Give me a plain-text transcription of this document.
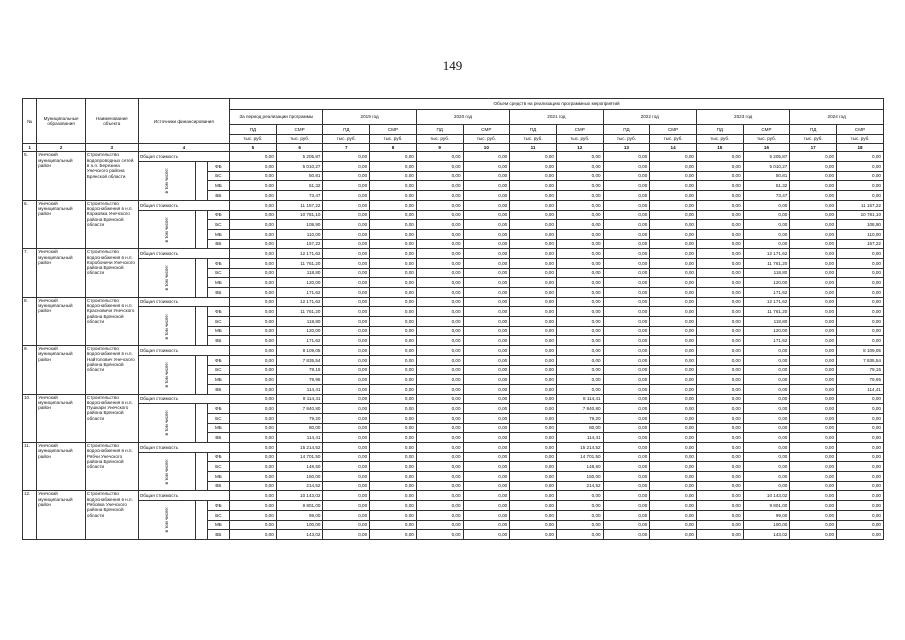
149
№	Муниципальные образования	Наименование объекта	Источники финансирования			Объем средств на реализацию программных мероприятий													
						За период реализации программы		2019 год		2020 год		2021 год		2022 год		2023 год		2024 год	
						ПД	СМР	ПД	СМР	ПД	СМР	ПД	СМР	ПД	СМР	ПД	СМР	ПД	СМР
						тыс. руб.	тыс. руб.	тыс. руб.	тыс. руб.	тыс. руб.	тыс. руб.	тыс. руб.	тыс. руб.	тыс. руб.	тыс. руб.	тыс. руб.	тыс. руб.	тыс. руб.	тыс. руб.
1	2	3	4			5	6	7	8	9	10	11	12	13	14	15	16	17	18
5.	Унечский муниципальный район	Строительство водопроводных сетей в н.п. Березина Унечского района Брянской области	Общая стоимость			0,00	5 205,87	0,00	0,00	0,00	0,00	0,00	0,00	0,00	0,00	0,00	5 205,87	0,00	0,00
			в том числе:		ФБ	0,00	5 010,27	0,00	0,00	0,00	0,00	0,00	0,00	0,00	0,00	0,00	5 010,27	0,00	0,00
					БС	0,00	50,81	0,00	0,00	0,00	0,00	0,00	0,00	0,00	0,00	0,00	50,81	0,00	0,00
					МБ	0,00	51,32	0,00	0,00	0,00	0,00	0,00	0,00	0,00	0,00	0,00	51,32	0,00	0,00
					ВБ	0,00	73,47	0,00	0,00	0,00	0,00	0,00	0,00	0,00	0,00	0,00	73,47	0,00	0,00
6.	Унечский муниципальный район	Строительство водоснабжения в н.п. Коржовка Унечского района Брянской области	Общая стоимость			0,00	11 157,22	0,00	0,00	0,00	0,00	0,00	0,00	0,00	0,00	0,00	0,00	0,00	11 157,22
			в том числе:		ФБ	0,00	10 781,10	0,00	0,00	0,00	0,00	0,00	0,00	0,00	0,00	0,00	0,00	0,00	10 781,10
					БС	0,00	108,90	0,00	0,00	0,00	0,00	0,00	0,00	0,00	0,00	0,00	0,00	0,00	108,90
					МБ	0,00	110,00	0,00	0,00	0,00	0,00	0,00	0,00	0,00	0,00	0,00	0,00	0,00	110,00
					ВБ	0,00	157,22	0,00	0,00	0,00	0,00	0,00	0,00	0,00	0,00	0,00	0,00	0,00	157,22
7.	Унечский муниципальный район	Строительство водоснабжения в н.п. Коробоничи Унечского района Брянской области	Общая стоимость			0,00	12 171,62	0,00	0,00	0,00	0,00	0,00	0,00	0,00	0,00	0,00	12 171,62	0,00	0,00
			в том числе:		ФБ	0,00	11 761,20	0,00	0,00	0,00	0,00	0,00	0,00	0,00	0,00	0,00	11 761,20	0,00	0,00
					БС	0,00	118,80	0,00	0,00	0,00	0,00	0,00	0,00	0,00	0,00	0,00	118,80	0,00	0,00
					МБ	0,00	120,00	0,00	0,00	0,00	0,00	0,00	0,00	0,00	0,00	0,00	120,00	0,00	0,00
					ВБ	0,00	171,62	0,00	0,00	0,00	0,00	0,00	0,00	0,00	0,00	0,00	171,62	0,00	0,00
8.	Унечский муниципальный район	Строительство водоснабжения в н.п. Красновичи Унечского района Брянской области	Общая стоимость			0,00	12 171,62	0,00	0,00	0,00	0,00	0,00	0,00	0,00	0,00	0,00	12 171,62	0,00	0,00
			в том числе:		ФБ	0,00	11 761,20	0,00	0,00	0,00	0,00	0,00	0,00	0,00	0,00	0,00	11 761,20	0,00	0,00
					БС	0,00	118,80	0,00	0,00	0,00	0,00	0,00	0,00	0,00	0,00	0,00	118,80	0,00	0,00
					МБ	0,00	120,00	0,00	0,00	0,00	0,00	0,00	0,00	0,00	0,00	0,00	120,00	0,00	0,00
					ВБ	0,00	171,62	0,00	0,00	0,00	0,00	0,00	0,00	0,00	0,00	0,00	171,62	0,00	0,00
9.	Унечский муниципальный район	Строительство водоснабжения в н.п. Найтопович Унечского района Брянской области	Общая стоимость			0,00	8 109,05	0,00	0,00	0,00	0,00	0,00	0,00	0,00	0,00	0,00	0,00	0,00	8 109,05
			в том числе:		ФБ	0,00	7 835,54	0,00	0,00	0,00	0,00	0,00	0,00	0,00	0,00	0,00	0,00	0,00	7 835,54
					БС	0,00	79,15	0,00	0,00	0,00	0,00	0,00	0,00	0,00	0,00	0,00	0,00	0,00	79,15
					МБ	0,00	79,95	0,00	0,00	0,00	0,00	0,00	0,00	0,00	0,00	0,00	0,00	0,00	79,95
					ВБ	0,00	114,41	0,00	0,00	0,00	0,00	0,00	0,00	0,00	0,00	0,00	0,00	0,00	114,41
10.	Унечский муниципальный район	Строительство водоснабжения в н.п. Пушкари Унечского района Брянской области	Общая стоимость			0,00	8 114,41	0,00	0,00	0,00	0,00	0,00	8 114,41	0,00	0,00	0,00	0,00	0,00	0,00
			в том числе:		ФБ	0,00	7 840,80	0,00	0,00	0,00	0,00	0,00	7 840,80	0,00	0,00	0,00	0,00	0,00	0,00
					БС	0,00	79,20	0,00	0,00	0,00	0,00	0,00	79,20	0,00	0,00	0,00	0,00	0,00	0,00
					МБ	0,00	80,00	0,00	0,00	0,00	0,00	0,00	80,00	0,00	0,00	0,00	0,00	0,00	0,00
					ВБ	0,00	114,41	0,00	0,00	0,00	0,00	0,00	114,41	0,00	0,00	0,00	0,00	0,00	0,00
11.	Унечский муниципальный район	Строительство водоснабжения в н.п. Рябчи Унечского района Брянской области	Общая стоимость			0,00	15 214,52	0,00	0,00	0,00	0,00	0,00	15 214,52	0,00	0,00	0,00	0,00	0,00	0,00
			в том числе:		ФБ	0,00	14 701,50	0,00	0,00	0,00	0,00	0,00	14 701,50	0,00	0,00	0,00	0,00	0,00	0,00
					БС	0,00	148,50	0,00	0,00	0,00	0,00	0,00	148,50	0,00	0,00	0,00	0,00	0,00	0,00
					МБ	0,00	150,00	0,00	0,00	0,00	0,00	0,00	150,00	0,00	0,00	0,00	0,00	0,00	0,00
					ВБ	0,00	214,52	0,00	0,00	0,00	0,00	0,00	214,52	0,00	0,00	0,00	0,00	0,00	0,00
12.	Унечский муниципальный район	Строительство водоснабжения в н.п. Рябовка Унечского района Брянской области	Общая стоимость			0,00	10 143,02	0,00	0,00	0,00	0,00	0,00	0,00	0,00	0,00	0,00	10 143,02	0,00	0,00
			в том числе:		ФБ	0,00	9 801,00	0,00	0,00	0,00	0,00	0,00	0,00	0,00	0,00	0,00	9 801,00	0,00	0,00
					БС	0,00	99,00	0,00	0,00	0,00	0,00	0,00	0,00	0,00	0,00	0,00	99,00	0,00	0,00
					МБ	0,00	100,00	0,00	0,00	0,00	0,00	0,00	0,00	0,00	0,00	0,00	100,00	0,00	0,00
					ВБ	0,00	143,02	0,00	0,00	0,00	0,00	0,00	0,00	0,00	0,00	0,00	143,02	0,00	0,00
